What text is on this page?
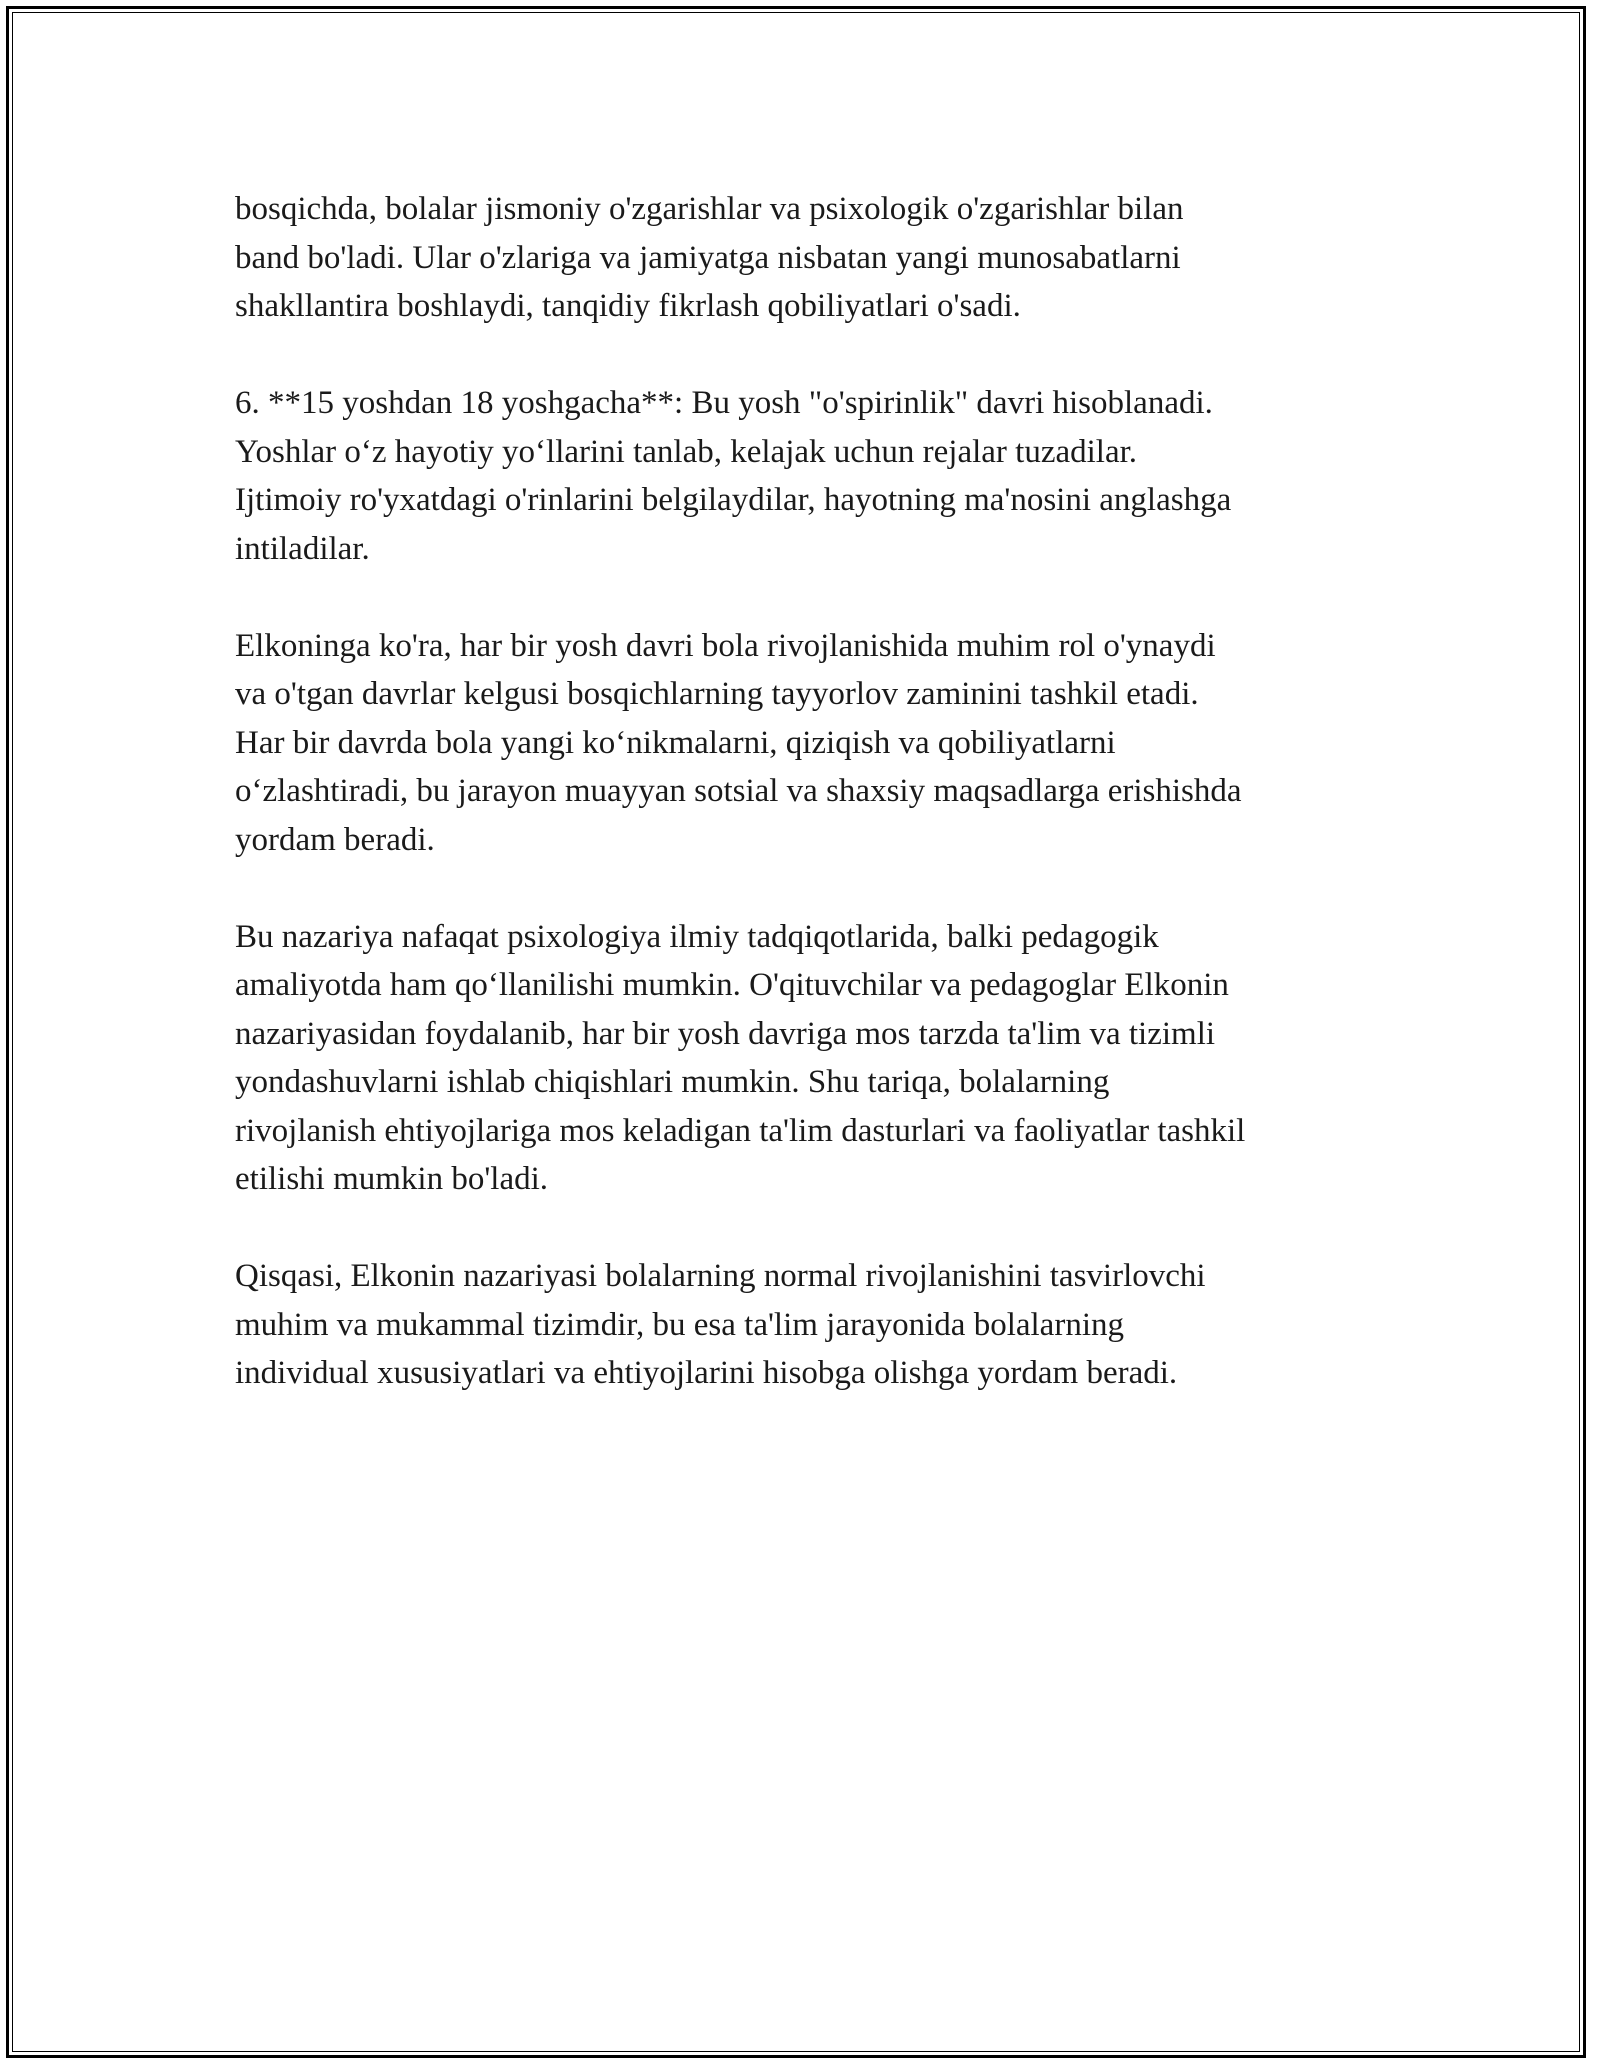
bosqichda, bolalar jismoniy o'zgarishlar va psixologik o'zgarishlar bilan
band bo'ladi. Ular o'zlariga va jamiyatga nisbatan yangi munosabatlarni
shakllantira boshlaydi, tanqidiy fikrlash qobiliyatlari o'sadi.

6. **15 yoshdan 18 yoshgacha**: Bu yosh "o'spirinlik" davri hisoblanadi.
Yoshlar o‘z hayotiy yo‘llarini tanlab, kelajak uchun rejalar tuzadilar.
Ijtimoiy ro'yxatdagi o'rinlarini belgilaydilar, hayotning ma'nosini anglashga
intiladilar.

Elkoninga ko'ra, har bir yosh davri bola rivojlanishida muhim rol o'ynaydi
va o'tgan davrlar kelgusi bosqichlarning tayyorlov zaminini tashkil etadi.
Har bir davrda bola yangi ko‘nikmalarni, qiziqish va qobiliyatlarni
o‘zlashtiradi, bu jarayon muayyan sotsial va shaxsiy maqsadlarga erishishda
yordam beradi.

Bu nazariya nafaqat psixologiya ilmiy tadqiqotlarida, balki pedagogik
amaliyotda ham qo‘llanilishi mumkin. O'qituvchilar va pedagoglar Elkonin
nazariyasidan foydalanib, har bir yosh davriga mos tarzda ta'lim va tizimli
yondashuvlarni ishlab chiqishlari mumkin. Shu tariqa, bolalarning
rivojlanish ehtiyojlariga mos keladigan ta'lim dasturlari va faoliyatlar tashkil
etilishi mumkin bo'ladi.

Qisqasi, Elkonin nazariyasi bolalarning normal rivojlanishini tasvirlovchi
muhim va mukammal tizimdir, bu esa ta'lim jarayonida bolalarning
individual xususiyatlari va ehtiyojlarini hisobga olishga yordam beradi.
